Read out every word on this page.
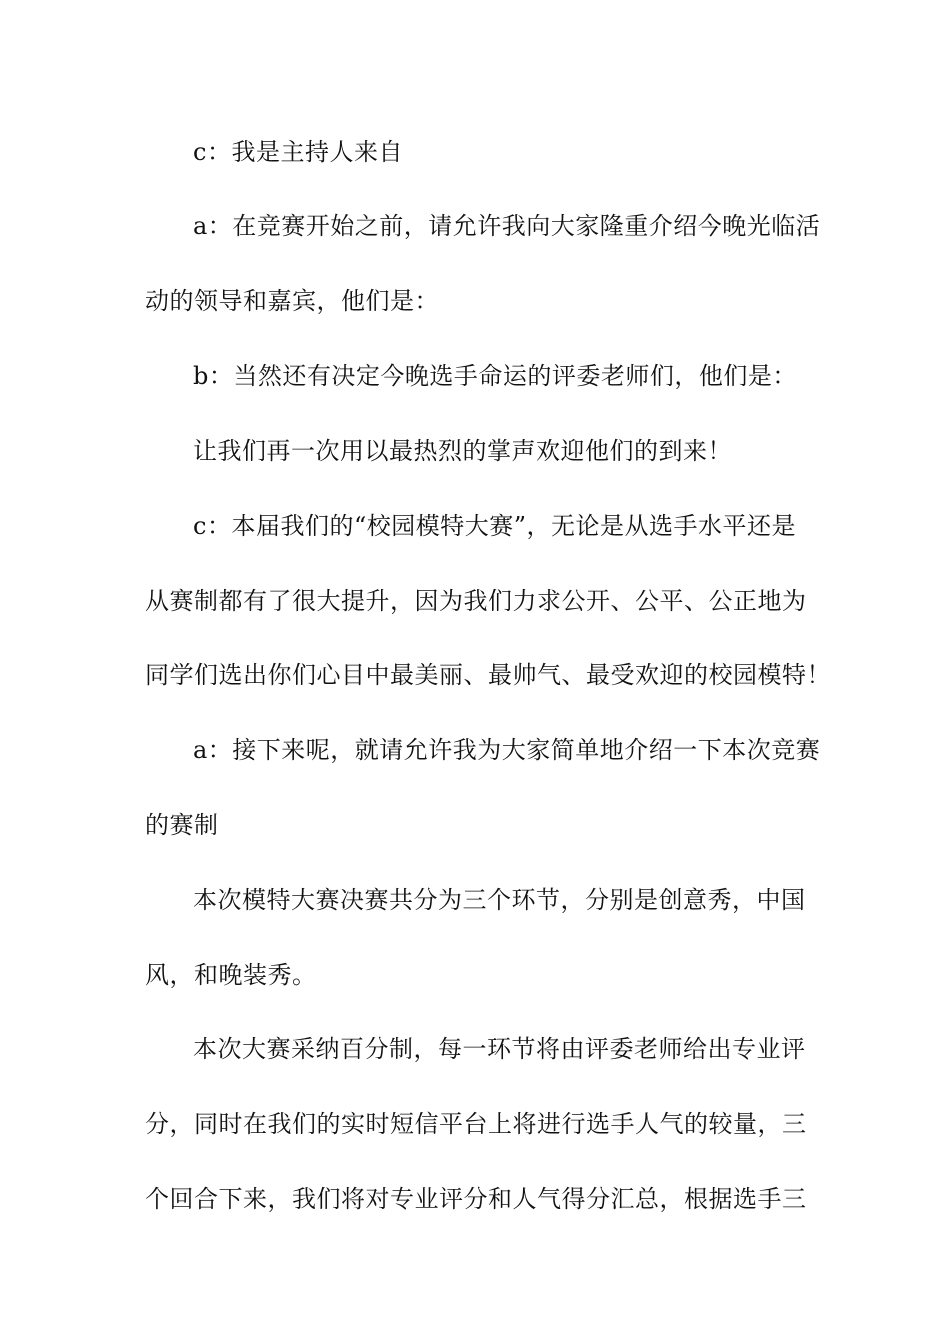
c：我是主持人来自
a：在竞赛开始之前，请允许我向大家隆重介绍今晚光临活
动的领导和嘉宾，他们是：
b：当然还有决定今晚选手命运的评委老师们，他们是：
让我们再一次用以最热烈的掌声欢迎他们的到来！
c：本届我们的“校园模特大赛”，无论是从选手水平还是
从赛制都有了很大提升，因为我们力求公开、公平、公正地为
同学们选出你们心目中最美丽、最帅气、最受欢迎的校园模特！
a：接下来呢，就请允许我为大家简单地介绍一下本次竞赛
的赛制
本次模特大赛决赛共分为三个环节，分别是创意秀，中国
风，和晚装秀。
本次大赛采纳百分制，每一环节将由评委老师给出专业评
分，同时在我们的实时短信平台上将进行选手人气的较量，三
个回合下来，我们将对专业评分和人气得分汇总，根据选手三
